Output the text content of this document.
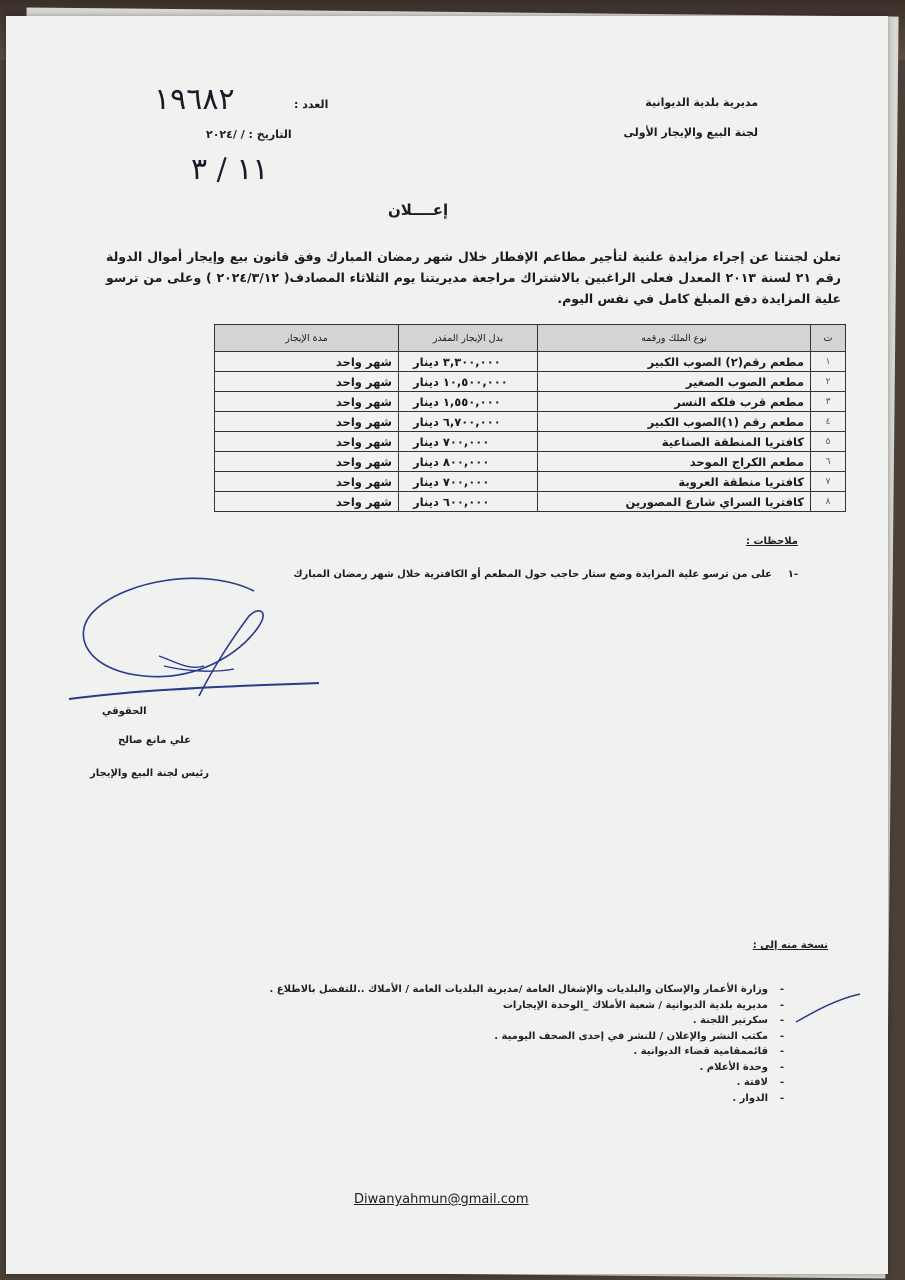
مديرية بلدية الديوانية
لجنة البيع والإيجار الأولى
العدد :
١٩٦٨٢
التاريخ : / /٢٠٢٤
١١ / ٣
إعــــلان
تعلن لجنتنا عن إجراء مزايدة علنية لتأجير مطاعم الإفطار خلال شهر رمضان المبارك وفق قانون بيع وإيجار أموال الدولة رقم ٢١ لسنة ٢٠١٣ المعدل فعلى الراغبين بالاشتراك مراجعة مديريتنا يوم الثلاثاء المصادف( ٢٠٢٤/٣/١٢ ) وعلى من ترسو علية المزايدة دفع المبلغ كامل في نفس اليوم.
ت	نوع الملك ورقمه	بدل الإيجار المقدر	مدة الإيجار
١	مطعم رقم(٢) الصوب الكبير	٣,٣٠٠,٠٠٠ دينار	شهر واحد
٢	مطعم الصوب الصغير	١٠,٥٠٠,٠٠٠ دينار	شهر واحد
٣	مطعم قرب فلكه النسر	١,٥٥٠,٠٠٠ دينار	شهر واحد
٤	مطعم رقم (١)الصوب الكبير	٦,٧٠٠,٠٠٠ دينار	شهر واحد
٥	كافتريا المنطقة الصناعية	٧٠٠,٠٠٠ دينار	شهر واحد
٦	مطعم الكراج الموحد	٨٠٠,٠٠٠ دينار	شهر واحد
٧	كافتريا منطقة العروبة	٧٠٠,٠٠٠ دينار	شهر واحد
٨	كافتريا السراي شارع المصورين	٦٠٠,٠٠٠ دينار	شهر واحد
ملاحظات :
على من ترسو علية المزايدة وضع ستار حاجب حول المطعم أو الكافترية خلال شهر رمضان المبارك ١-
الحقوقي
علي مانع صالح
رئيس لجنة البيع والإيجار
نسخة منه إلى :
- وزارة الأعمار والإسكان والبلديات والإشغال العامة /مديرية البلديات العامة / الأملاك ..للتفضل بالاطلاع .
- مديرية بلدية الديوانية / شعبة الأملاك _الوحدة الإيجارات
- سكرتير اللجنة .
- مكتب النشر والإعلان / للنشر في إحدى الصحف اليومية .
- قائممقامية قضاء الديوانية .
- وحدة الأعلام .
- لافتة .
- الدوار .
Diwanyahmun@gmail.com
